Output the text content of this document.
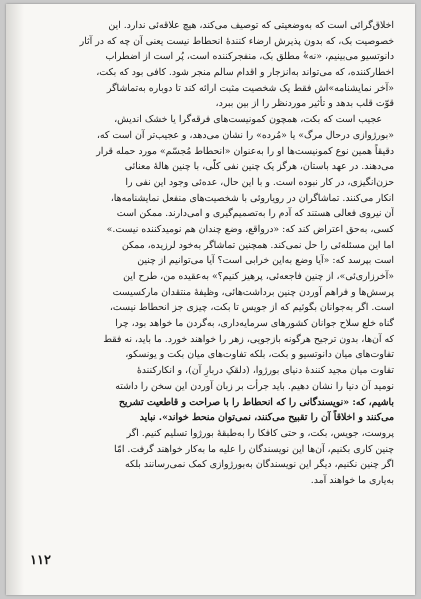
اخلاق‌گرائی است که به‌وضعیتی که توصیف می‌کند، هیچ علاقه‌ئی ندارد. این
خصوصیت بک، که بدون پذیرش ارضاء کنندهٔ انحطاط نیست یعنی آن چه که در آثار
دانوتسیو می‌بینیم، «نه»ٔ مطلق بک، منفجرکننده است، پُر است از اضطراب
اخطارکننده، که می‌تواند به‌انزجار و اقدام سالم منجر شود. کافی بود که بکت،
«آخر نمایشنامه»اش فقط یک شخصیت مثبت ارائه کند تا دوباره به‌تماشاگر
قوّت قلب بدهد و تأثیر موردنظر را از بین ببرد،
عجیب است که بکت، همچون کمونیست‌های فرقه‌گرا یا خشک اندیش،
«بورژوازی درحال مرگ» یا «مُرده» را نشان می‌دهد، و عجیب‌تر آن است که،
دقیقاً همین نوع کمونیست‌ها او را به‌عنوان «انحطاط مُجسّم» مورد حمله قرار
می‌دهند. در عهد باستان، هرگز یک چنین نفی کلّی، با چنین هالهٔ معنائی
حزن‌انگیزی، در کار نبوده است. و با این حال، عده‌ئی وجود این نفی را
انکار می‌کنند. تماشاگران در رویاروئی با شخصیت‌های منفعل نمایشنامه‌ها،
آن نیروی فعالی هستند که آدم را به‌تصمیم‌گیری و امی‌دارند. ممکن است
کسی، به‌حق اعتراض کند که: «درواقع، وضع چندان هم نومیدکننده نیست.»
اما این مسئله‌ئی را حل نمی‌کند. همچنین تماشاگر به‌خود لرزیده، ممکن
است بپرسد که: «آیا وضع به‌این خرابی است؟ آیا می‌توانیم از چنین
«آخرزاری‌ئی»، از چنین فاجعه‌ئی، پرهیز کنیم؟» به‌عقیده من، طرح این
پرسش‌ها و فراهم آوردن چنین برداشت‌هائی، وظیفهٔ منتقدان مارکسیست
است. اگر به‌جوانان بگوئیم که از جویس تا بکت، چیزی جز انحطاط نیست،
گناه خلع سلاح جوانان کشورهای سرمایه‌داری، به‌گردن ما خواهد بود، چرا
که آن‌ها، بدون ترجیح هرگونه بازجویی، زهر را خواهند خورد. ما باید، نه فقط
تفاوت‌های میان دانوتسیو و بکت، بلکه تفاوت‌های میان بکت و یونسکو،
تفاوت میان مجید کنندهٔ دنیای بورژوا، (دلقکِ دربارِ آن)، و انکارکنندهٔ
نومید آن دنیا را نشان دهیم. باید جرأت بر زبان آوردن این سخن را داشته
باشیم، که: «نویسندگانی را که انحطاط را با صراحت و قاطعیت تشریح
می‌کنند و اخلاقاً آن را تقبیح می‌کنند، نمی‌توان منحط خواند». نباید
پروست، جویس، بکت، و حتی کافکا را به‌طبقهٔ بورژوا تسلیم کنیم. اگر
چنین کاری بکنیم، آن‌ها این نویسندگان را علیه ما به‌کار خواهند گرفت. امّا
اگر چنین نکنیم، دیگر این نویسندگان به‌بورژوازی کمک نمی‌رسانند بلکه
به‌یاری ما خواهند آمد.
۱۱۲
